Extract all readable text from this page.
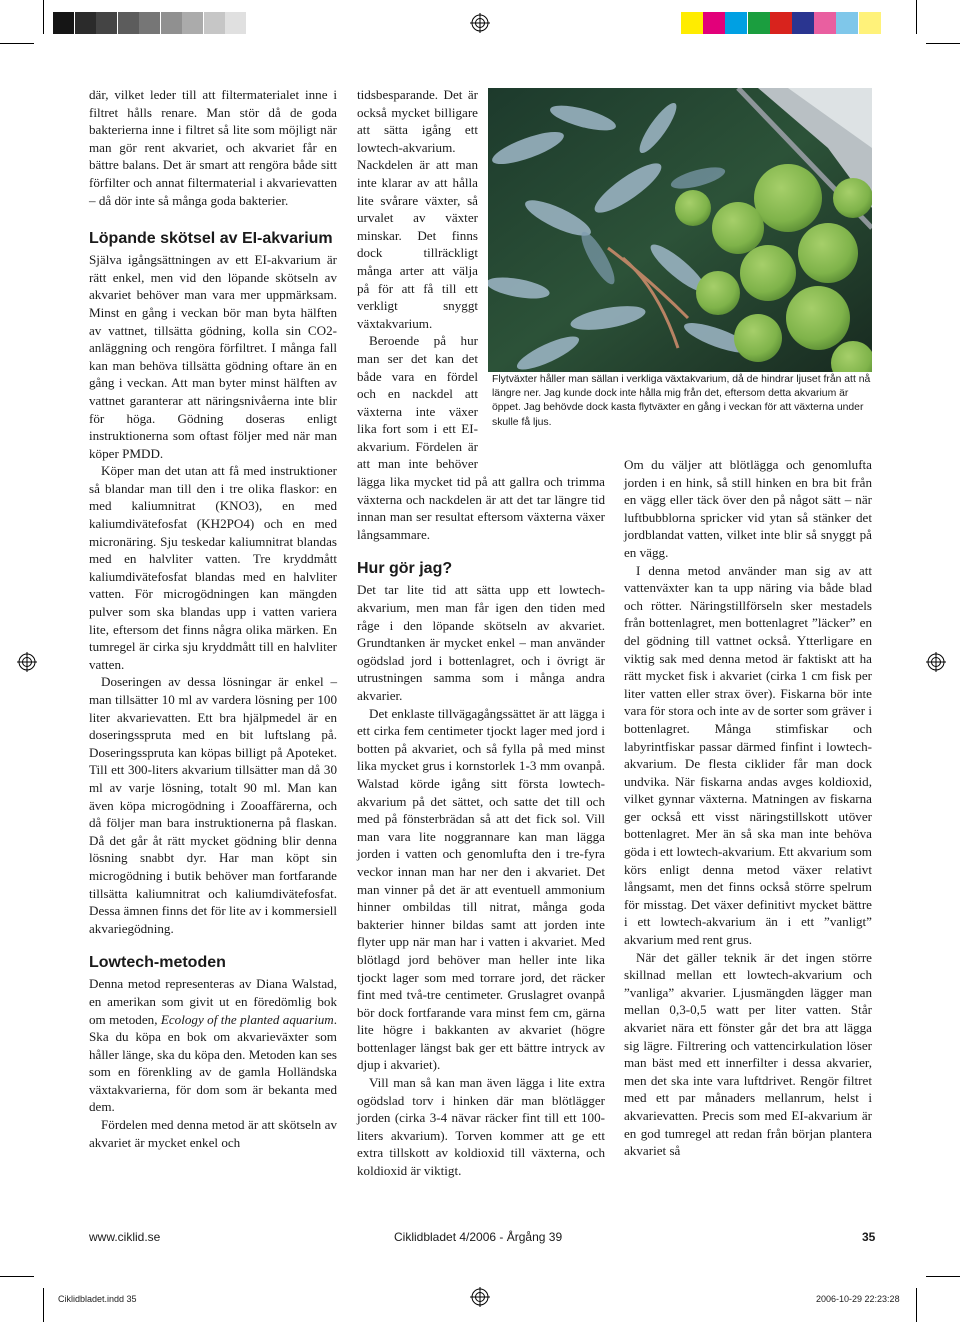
där, vilket leder till att filtermaterialet inne i filtret hålls renare. Man stör då de goda bakterierna inne i filtret så lite som möjligt när man gör rent akvariet, och akvariet får en bättre balans. Det är smart att rengöra både sitt förfilter och annat filtermaterial i akvarievatten – då dör inte så många goda bakterier.

Löpande skötsel av EI-akvarium

Själva igångsättningen av ett EI-akvarium är rätt enkel, men vid den löpande skötseln av akvariet behöver man vara mer uppmärksam. Minst en gång i veckan bör man byta hälften av vattnet, tillsätta gödning, kolla sin CO2-anläggning och rengöra förfiltret. I många fall kan man behöva tillsätta gödning oftare än en gång i veckan. Att man byter minst hälften av vattnet garanterar att näringsnivåerna inte blir för höga. Gödning doseras enligt instruktionerna som oftast följer med när man köper PMDD.

Köper man det utan att få med instruktioner så blandar man till den i tre olika flaskor: en med kaliumnitrat (KNO3), en med kaliumdivätefosfat (KH2PO4) och en med micronäring. Sju teskedar kaliumnitrat blandas med en halvliter vatten. Tre kryddmått kaliumdivätefosfat blandas med en halvliter vatten. För microgödningen kan mängden pulver som ska blandas upp i vatten variera lite, eftersom det finns några olika märken. En tumregel är cirka sju kryddmått till en halvliter vatten.

Doseringen av dessa lösningar är enkel – man tillsätter 10 ml av vardera lösning per 100 liter akvarievatten. Ett bra hjälpmedel är en doseringsspruta med en bit luftslang på. Doseringsspruta kan köpas billigt på Apoteket. Till ett 300-liters akvarium tillsätter man då 30 ml av varje lösning, totalt 90 ml. Man kan även köpa microgödning i Zooaffärerna, och då följer man bara instruktionerna på flaskan. Då det går åt rätt mycket gödning blir denna lösning snabbt dyr. Har man köpt sin microgödning i butik behöver man fortfarande tillsätta kaliumnitrat och kaliumdivätefosfat. Dessa ämnen finns det för lite av i kommersiell akvariegödning.

Lowtech-metoden

Denna metod representeras av Diana Walstad, en amerikan som givit ut en föredömlig bok om metoden, Ecology of the planted aquarium. Ska du köpa en bok om akvarieväxter som håller länge, ska du köpa den. Metoden kan ses som en förenkling av de gamla Holländska växtakvarierna, för dom som är bekanta med dem.

Fördelen med denna metod är att skötseln av akvariet är mycket enkel och

tidsbesparande. Det är också mycket billigare att sätta igång ett lowtech-akvarium. Nackdelen är att man inte klarar av att hålla lite svårare växter, så urvalet av växter minskar. Det finns dock tillräckligt många arter att välja på för att få till ett verkligt snyggt växtakvarium.

Beroende på hur man ser det kan det både vara en fördel och en nackdel att växterna inte växer lika fort som i ett EI-akvarium. Fördelen är att man inte behöver lägga lika mycket tid på att gallra och trimma växterna och nackdelen är att det tar längre tid innan man ser resultat eftersom växterna växer långsammare.

Hur gör jag?

Det tar lite tid att sätta upp ett lowtech-akvarium, men man får igen den tiden med råge i den löpande skötseln av akvariet. Grundtanken är mycket enkel – man använder ogödslad jord i bottenlagret, och i övrigt är utrustningen samma som i många andra akvarier.

Det enklaste tillvägagångssättet är att lägga i ett cirka fem centimeter tjockt lager med jord i botten på akvariet, och så fylla på med minst lika mycket grus i kornstorlek 1-3 mm ovanpå. Walstad körde igång sitt första lowtech-akvarium på det sättet, och satte det till och med på fönsterbrädan så att det fick sol. Vill man vara lite noggrannare kan man lägga jorden i vatten och genomlufta den i tre-fyra veckor innan man har ner den i akvariet. Det man vinner på det är att eventuell ammonium hinner ombildas till nitrat, många goda bakterier hinner bildas samt att jorden inte flyter upp när man har i vatten i akvariet. Med blötlagd jord behöver man heller inte lika tjockt lager som med torrare jord, det räcker fint med två-tre centimeter. Gruslagret ovanpå bör dock fortfarande vara minst fem cm, gärna lite högre i bakkanten av akvariet (högre bottenlager längst bak ger ett bättre intryck av djup i akvariet).

Vill man så kan man även lägga i lite extra ogödslad torv i hinken där man blötlägger jorden (cirka 3-4 nävar räcker fint till ett 100-liters akvarium). Torven kommer att ge ett extra tillskott av koldioxid till växterna, och koldioxid är viktigt.

Flytväxter håller man sällan i verkliga växtakvarium, då de hindrar ljuset från att nå längre ner. Jag kunde dock inte hålla mig från det, eftersom detta akvarium är öppet. Jag behövde dock kasta flytväxter en gång i veckan för att växterna under skulle få ljus.

Om du väljer att blötlägga och genomlufta jorden i en hink, så still hinken en bra bit från en vägg eller täck över den på något sätt – när luftbubblorna spricker vid ytan så stänker det jordblandat vatten, vilket inte blir så snyggt på en vägg.

I denna metod använder man sig av att vattenväxter kan ta upp näring via både blad och rötter. Näringstillförseln sker mestadels från bottenlagret, men bottenlagret ”läcker” en del gödning till vattnet också. Ytterligare en viktig sak med denna metod är faktiskt att ha rätt mycket fisk i akvariet (cirka 1 cm fisk per liter vatten eller strax över). Fiskarna bör inte vara för stora och inte av de sorter som gräver i bottenlagret. Många stimfiskar och labyrintfiskar passar därmed finfint i lowtech-akvarium. De flesta ciklider får man dock undvika. När fiskarna andas avges koldioxid, vilket gynnar växterna. Matningen av fiskarna ger också ett visst näringstillskott utöver bottenlagret. Mer än så ska man inte behöva göda i ett lowtech-akvarium. Ett akvarium som körs enligt denna metod växer relativt långsamt, men det finns också större spelrum för misstag. Det växer definitivt mycket bättre i ett lowtech-akvarium än i ett ”vanligt” akvarium med rent grus.

När det gäller teknik är det ingen större skillnad mellan ett lowtech-akvarium och ”vanliga” akvarier. Ljusmängden lägger man mellan 0,3-0,5 watt per liter vatten. Står akvariet nära ett fönster går det bra att lägga sig lägre. Filtrering och vattencirkulation löser man bäst med ett innerfilter i dessa akvarier, men det ska inte vara luftdrivet. Rengör filtret med ett par månaders mellanrum, helst i akvarievatten. Precis som med EI-akvarium är en god tumregel att redan från början plantera akvariet så

www.ciklid.se	Ciklidbladet 4/2006 - Årgång 39	35
Ciklidbladet.indd 35	2006-10-29 22:23:28
